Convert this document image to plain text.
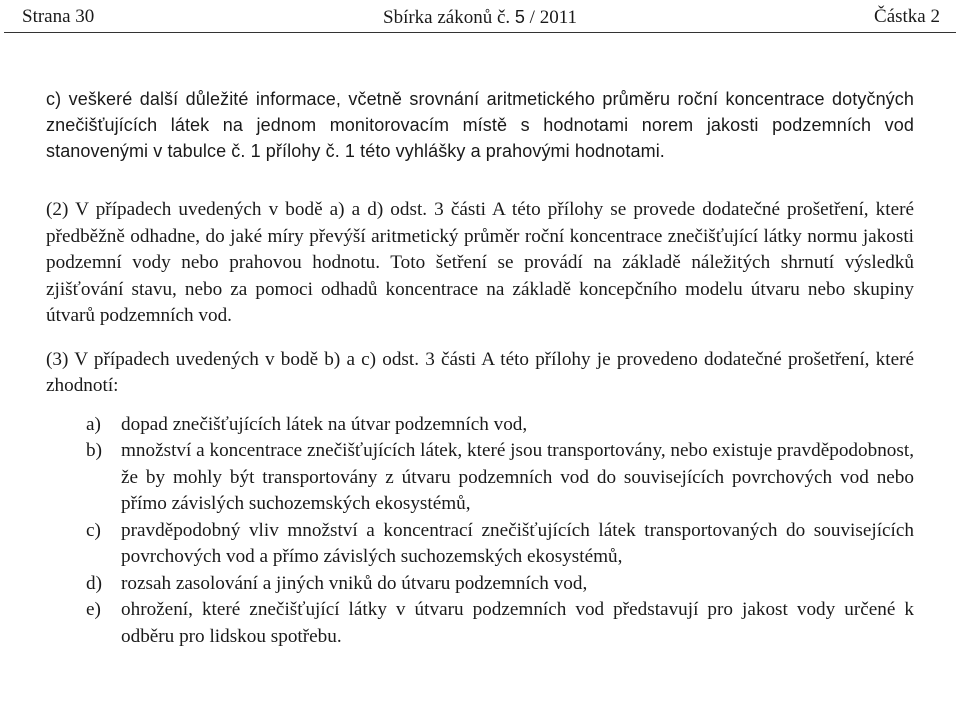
Strana 30	Sbírka zákonů č. 5 / 2011	Částka 2

c) veškeré další důležité informace, včetně srovnání aritmetického průměru roční koncentrace dotyčných znečišťujících látek na jednom monitorovacím místě s hodnotami norem jakosti podzemních vod stanovenými v tabulce č. 1 přílohy č. 1 této vyhlášky a prahovými hodnotami.

(2) V případech uvedených v bodě a) a d) odst. 3 části A této přílohy se provede dodatečné prošetření, které předběžně odhadne, do jaké míry převýší aritmetický průměr roční koncentrace znečišťující látky normu jakosti podzemní vody nebo prahovou hodnotu. Toto šetření se provádí na základě náležitých shrnutí výsledků zjišťování stavu, nebo za pomoci odhadů koncentrace na základě koncepčního modelu útvaru nebo skupiny útvarů podzemních vod.

(3) V případech uvedených v bodě b) a c) odst. 3 části A této přílohy je provedeno dodatečné prošetření, které zhodnotí:

a) dopad znečišťujících látek na útvar podzemních vod,
b) množství a koncentrace znečišťujících látek, které jsou transportovány, nebo existuje pravděpodobnost, že by mohly být transportovány z útvaru podzemních vod do souvisejících povrchových vod nebo přímo závislých suchozemských ekosystémů,
c) pravděpodobný vliv množství a koncentrací znečišťujících látek transportovaných do souvisejících povrchových vod a přímo závislých suchozemských ekosystémů,
d) rozsah zasolování a jiných vniků do útvaru podzemních vod,
e) ohrožení, které znečišťující látky v útvaru podzemních vod představují pro jakost vody určené k odběru pro lidskou spotřebu.
